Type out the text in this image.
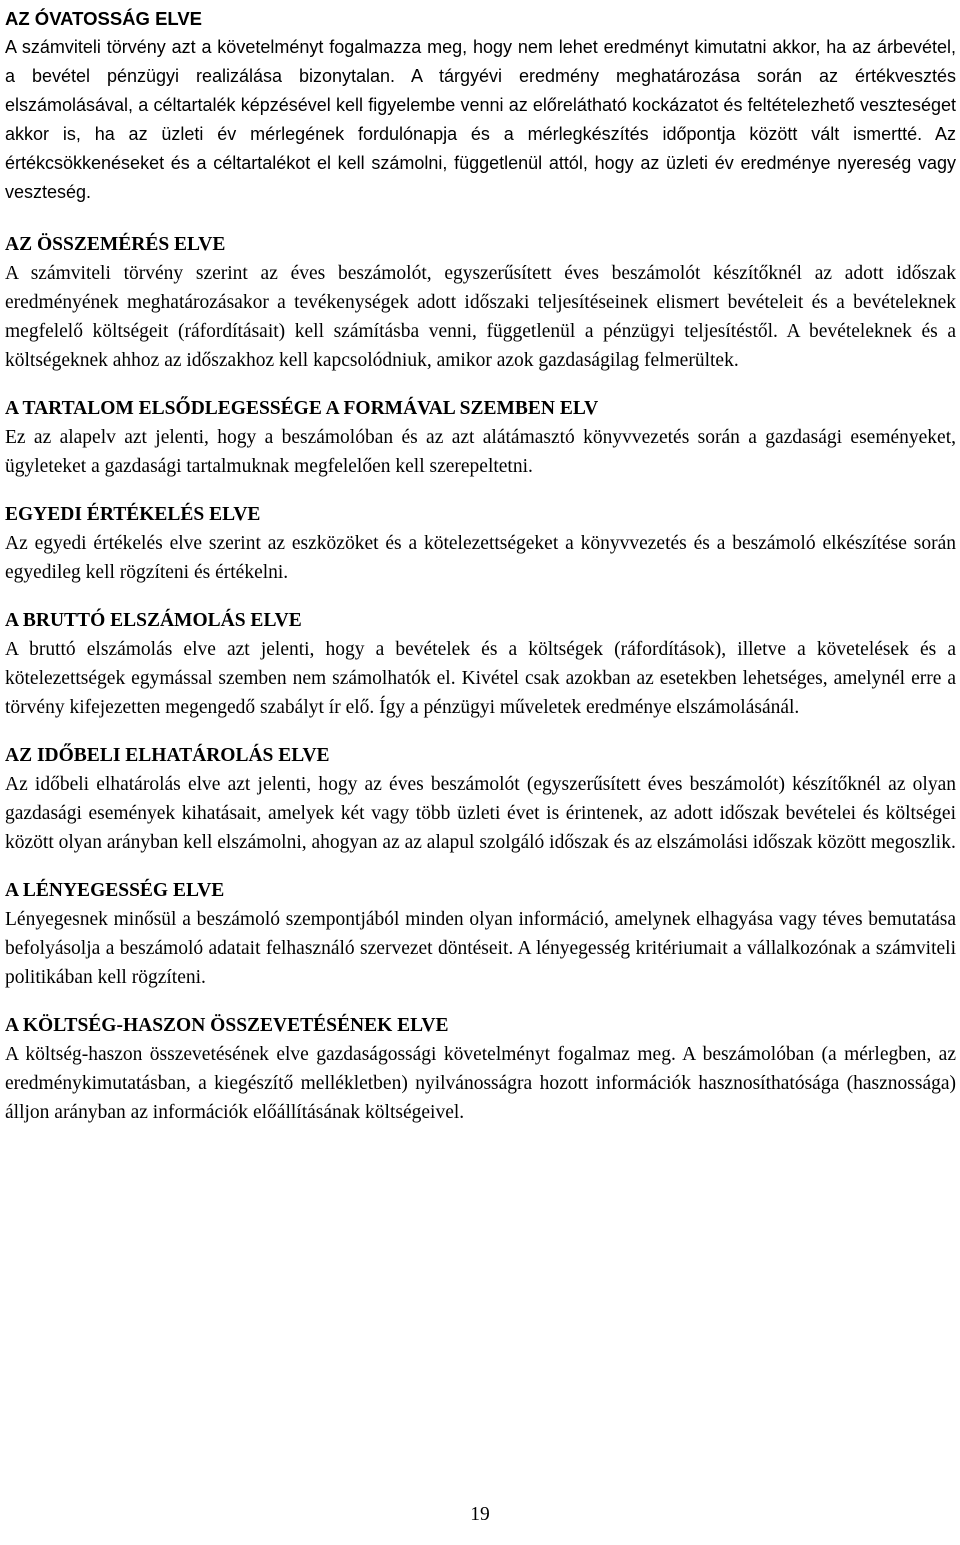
AZ ÓVATOSSÁG ELVE

A számviteli törvény azt a követelményt fogalmazza meg, hogy nem lehet eredményt kimutatni akkor, ha az árbevétel, a bevétel pénzügyi realizálása bizonytalan. A tárgyévi eredmény meghatározása során az értékvesztés elszámolásával, a céltartalék képzésével kell figyelembe venni az előrelátható kockázatot és feltételezhető veszteséget akkor is, ha az üzleti év mérlegének fordulónapja és a mérlegkészítés időpontja között vált ismertté. Az értékcsökkenéseket és a céltartalékot el kell számolni, függetlenül attól, hogy az üzleti év eredménye nyereség vagy veszteség.

AZ ÖSSZEMÉRÉS ELVE

A számviteli törvény szerint az éves beszámolót, egyszerűsített éves beszámolót készítőknél az adott időszak eredményének meghatározásakor a tevékenységek adott időszaki teljesítéseinek elismert bevételeit és a bevételeknek megfelelő költségeit (ráfordításait) kell számításba venni, függetlenül a pénzügyi teljesítéstől. A bevételeknek és a költségeknek ahhoz az időszakhoz kell kapcsolódniuk, amikor azok gazdaságilag felmerültek.

A TARTALOM ELSŐDLEGESSÉGE A FORMÁVAL SZEMBEN ELV

Ez az alapelv azt jelenti, hogy a beszámolóban és az azt alátámasztó könyvvezetés során a gazdasági eseményeket, ügyleteket a gazdasági tartalmuknak megfelelően kell szerepeltetni.

EGYEDI ÉRTÉKELÉS ELVE

Az egyedi értékelés elve szerint az eszközöket és a kötelezettségeket a könyvvezetés és a beszámoló elkészítése során egyedileg kell rögzíteni és értékelni.

A BRUTTÓ ELSZÁMOLÁS ELVE

A bruttó elszámolás elve azt jelenti, hogy a bevételek és a költségek (ráfordítások), illetve a követelések és a kötelezettségek egymással szemben nem számolhatók el. Kivétel csak azokban az esetekben lehetséges, amelynél erre a törvény kifejezetten megengedő szabályt ír elő. Így a pénzügyi műveletek eredménye elszámolásánál.

AZ IDŐBELI ELHATÁROLÁS ELVE

Az időbeli elhatárolás elve azt jelenti, hogy az éves beszámolót (egyszerűsített éves beszámolót) készítőknél az olyan gazdasági események kihatásait, amelyek két vagy több üzleti évet is érintenek, az adott időszak bevételei és költségei között olyan arányban kell elszámolni, ahogyan az az alapul szolgáló időszak és az elszámolási időszak között megoszlik.

A LÉNYEGESSÉG ELVE

Lényegesnek minősül a beszámoló szempontjából minden olyan információ, amelynek elhagyása vagy téves bemutatása befolyásolja a beszámoló adatait felhasználó szervezet döntéseit. A lényegesség kritériumait a vállalkozónak a számviteli politikában kell rögzíteni.

A KÖLTSÉG-HASZON ÖSSZEVETÉSÉNEK ELVE

A költség-haszon összevetésének elve gazdaságossági követelményt fogalmaz meg. A beszámolóban (a mérlegben, az eredménykimutatásban, a kiegészítő mellékletben) nyilvánosságra hozott információk hasznosíthatósága (hasznossága) álljon arányban az információk előállításának költségeivel.

19
